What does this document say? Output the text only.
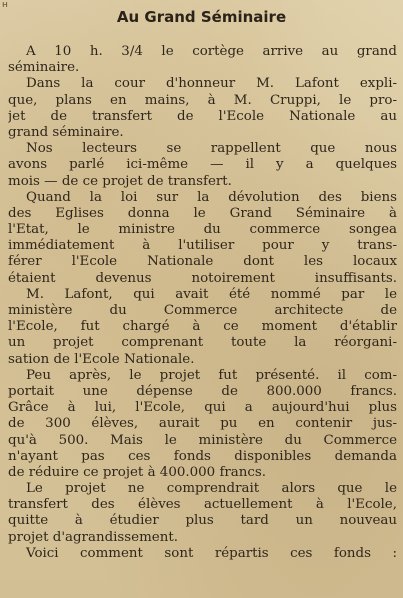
ʜ
Au Grand Séminaire
A 10 h. 3/4 le cortège arrive au grand
séminaire.
Dans la cour d'honneur M. Lafont expli-
que, plans en mains, à M. Cruppi, le pro-
jet de transfert de l'Ecole Nationale au
grand séminaire.
Nos lecteurs se rappellent que nous
avons parlé ici-même — il y a quelques
mois — de ce projet de transfert.
Quand la loi sur la dévolution des biens
des Eglises donna le Grand Séminaire à
l'Etat, le ministre du commerce songea
immédiatement à l'utiliser pour y trans-
férer l'Ecole Nationale dont les locaux
étaient devenus notoirement insuffisants.
M. Lafont, qui avait été nommé par le
ministère du Commerce architecte de
l'Ecole, fut chargé à ce moment d'établir
un projet comprenant toute la réorgani-
sation de l'Ecole Nationale.
Peu après, le projet fut présenté. il com-
portait une dépense de 800.000 francs.
Grâce à lui, l'Ecole, qui a aujourd'hui plus
de 300 élèves, aurait pu en contenir jus-
qu'à 500. Mais le ministère du Commerce
n'ayant pas ces fonds disponibles demanda
de réduire ce projet à 400.000 francs.
Le projet ne comprendrait alors que le
transfert des élèves actuellement à l'Ecole,
quitte à étudier plus tard un nouveau
projet d'agrandissement.
Voici comment sont répartis ces fonds :
